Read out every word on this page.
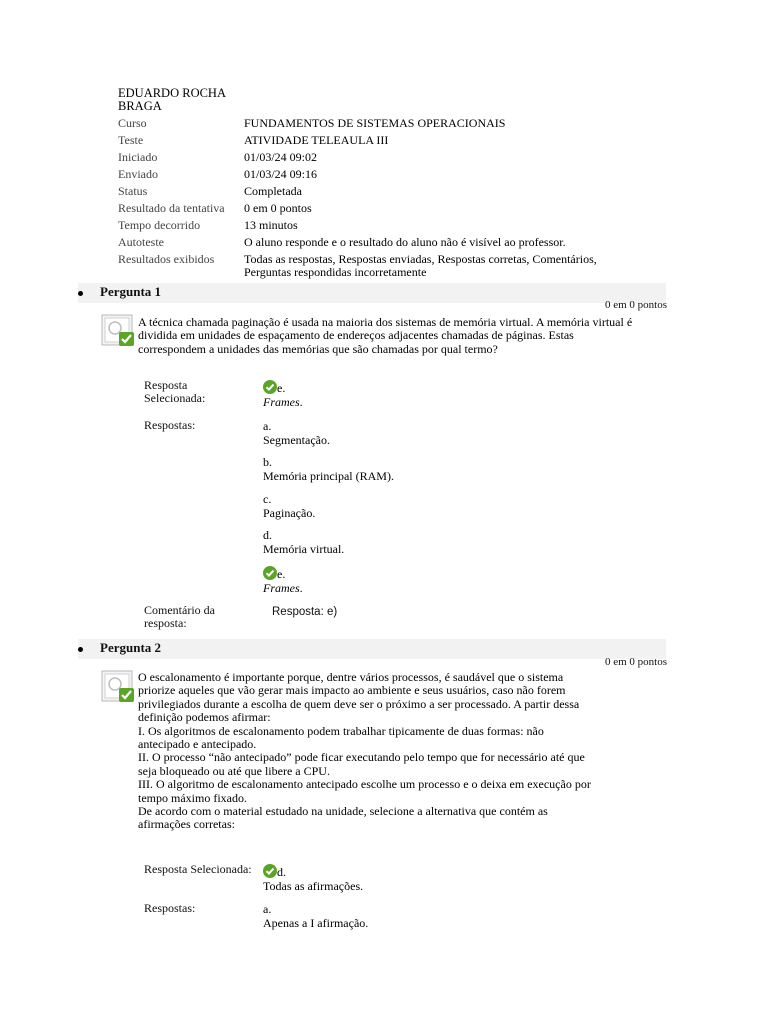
EDUARDO ROCHA BRAGA
Curso	FUNDAMENTOS DE SISTEMAS OPERACIONAIS
Teste	ATIVIDADE TELEAULA III
Iniciado	01/03/24 09:02
Enviado	01/03/24 09:16
Status	Completada
Resultado da tentativa	0 em 0 pontos
Tempo decorrido	13 minutos
Autoteste	O aluno responde e o resultado do aluno não é visível ao professor.
Resultados exibidos	Todas as respostas, Respostas enviadas, Respostas corretas, Comentários, Perguntas respondidas incorretamente
Pergunta 1
0 em 0 pontos
A técnica chamada paginação é usada na maioria dos sistemas de memória virtual. A memória virtual é dividida em unidades de espaçamento de endereços adjacentes chamadas de páginas. Estas correspondem a unidades das memórias que são chamadas por qual termo?
Resposta Selecionada:
e.
Frames.
Respostas:	a.
Segmentação.
b.
Memória principal (RAM).
c.
Paginação.
d.
Memória virtual.
e.
Frames.
Comentário da resposta:
Resposta: e)
Pergunta 2
0 em 0 pontos
O escalonamento é importante porque, dentre vários processos, é saudável que o sistema
priorize aqueles que vão gerar mais impacto ao ambiente e seus usuários, caso não forem
privilegiados durante a escolha de quem deve ser o próximo a ser processado. A partir dessa
definição podemos afirmar:
I. Os algoritmos de escalonamento podem trabalhar tipicamente de duas formas: não
antecipado e antecipado.
II. O processo “não antecipado” pode ficar executando pelo tempo que for necessário até que
seja bloqueado ou até que libere a CPU.
III. O algoritmo de escalonamento antecipado escolhe um processo e o deixa em execução por
tempo máximo fixado.
De acordo com o material estudado na unidade, selecione a alternativa que contém as
afirmações corretas:
Resposta Selecionada:	d.
Todas as afirmações.
Respostas:	a.
Apenas a I afirmação.
